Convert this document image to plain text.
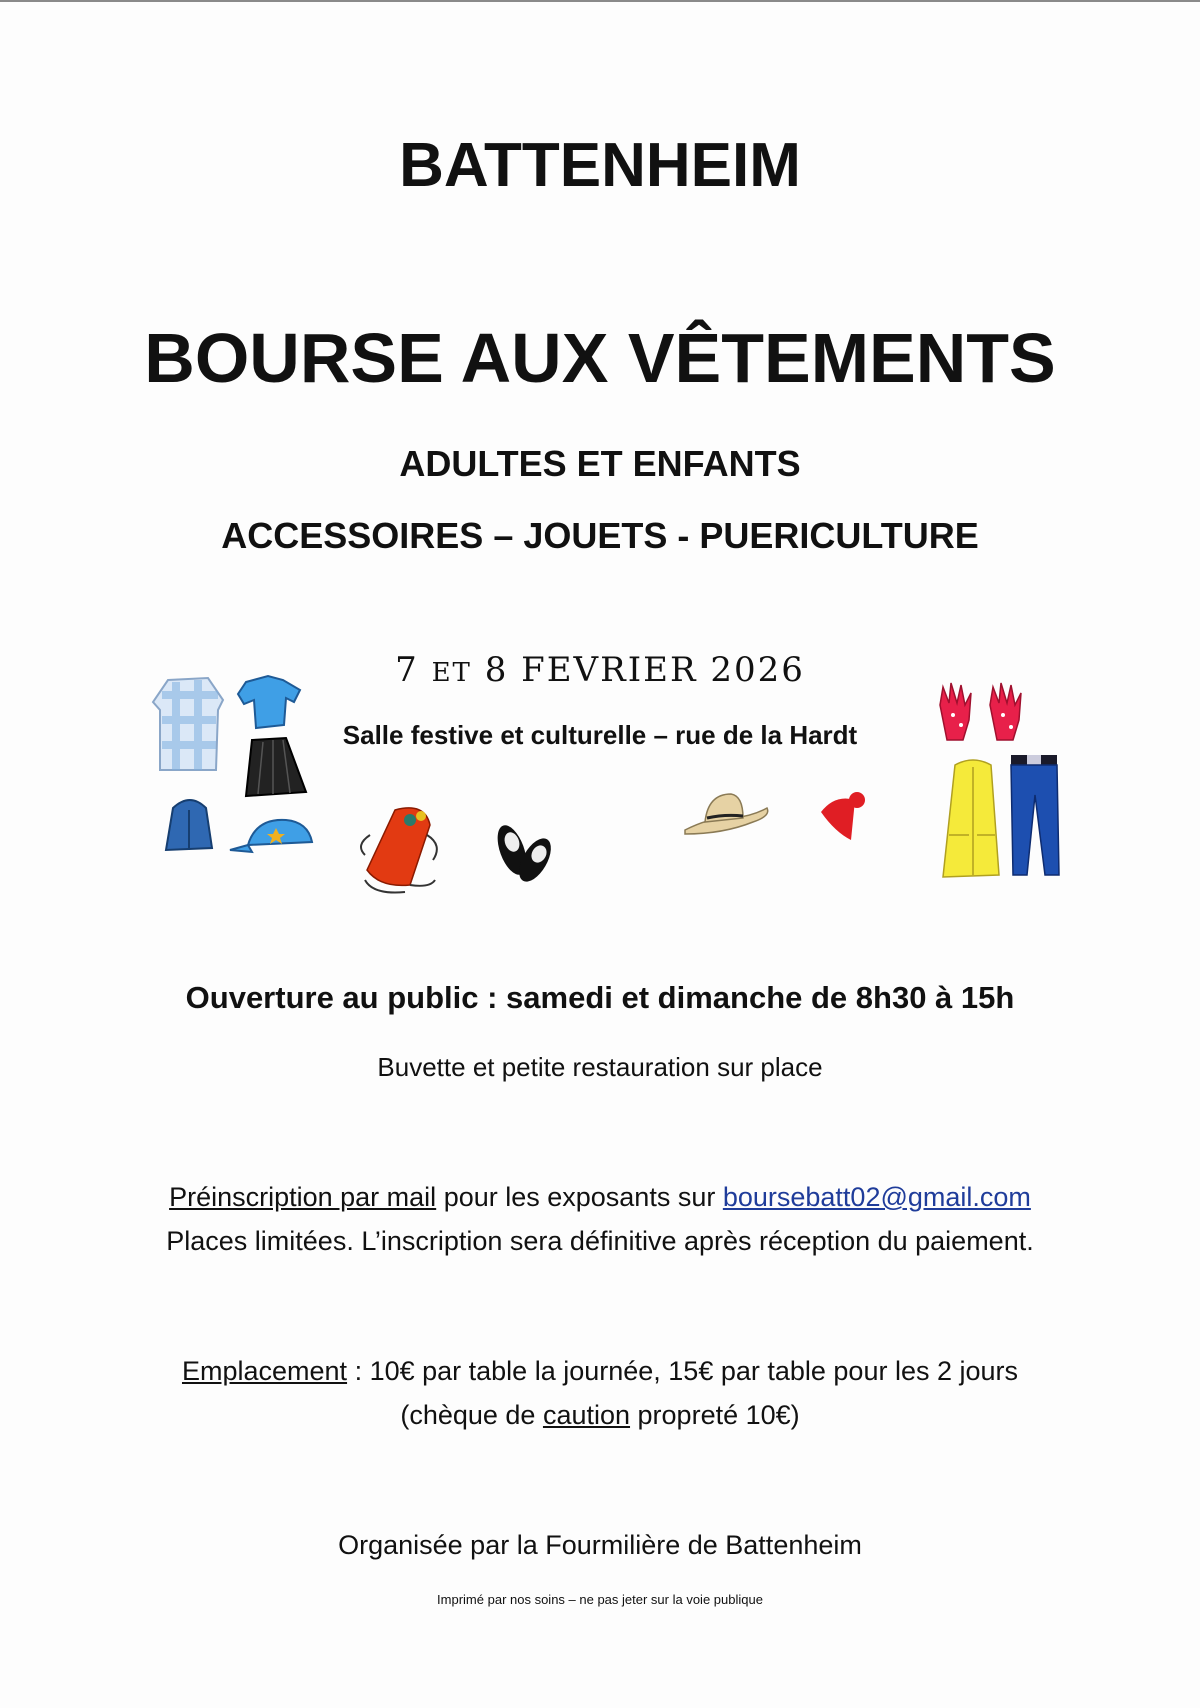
BATTENHEIM
BOURSE AUX VÊTEMENTS
ADULTES ET ENFANTS
ACCESSOIRES – JOUETS - PUERICULTURE
7 ET 8 FEVRIER 2026
Salle festive et culturelle – rue de la Hardt
Ouverture au public : samedi et dimanche de 8h30 à 15h
Buvette et petite restauration sur place
Préinscription par mail pour les exposants sur boursebatt02@gmail.com
Places limitées. L’inscription sera définitive après réception du paiement.
Emplacement : 10€ par table la journée, 15€ par table pour les 2 jours
(chèque de caution propreté 10€)
Organisée par la Fourmilière de Battenheim
Imprimé par nos soins – ne pas jeter sur la voie publique
